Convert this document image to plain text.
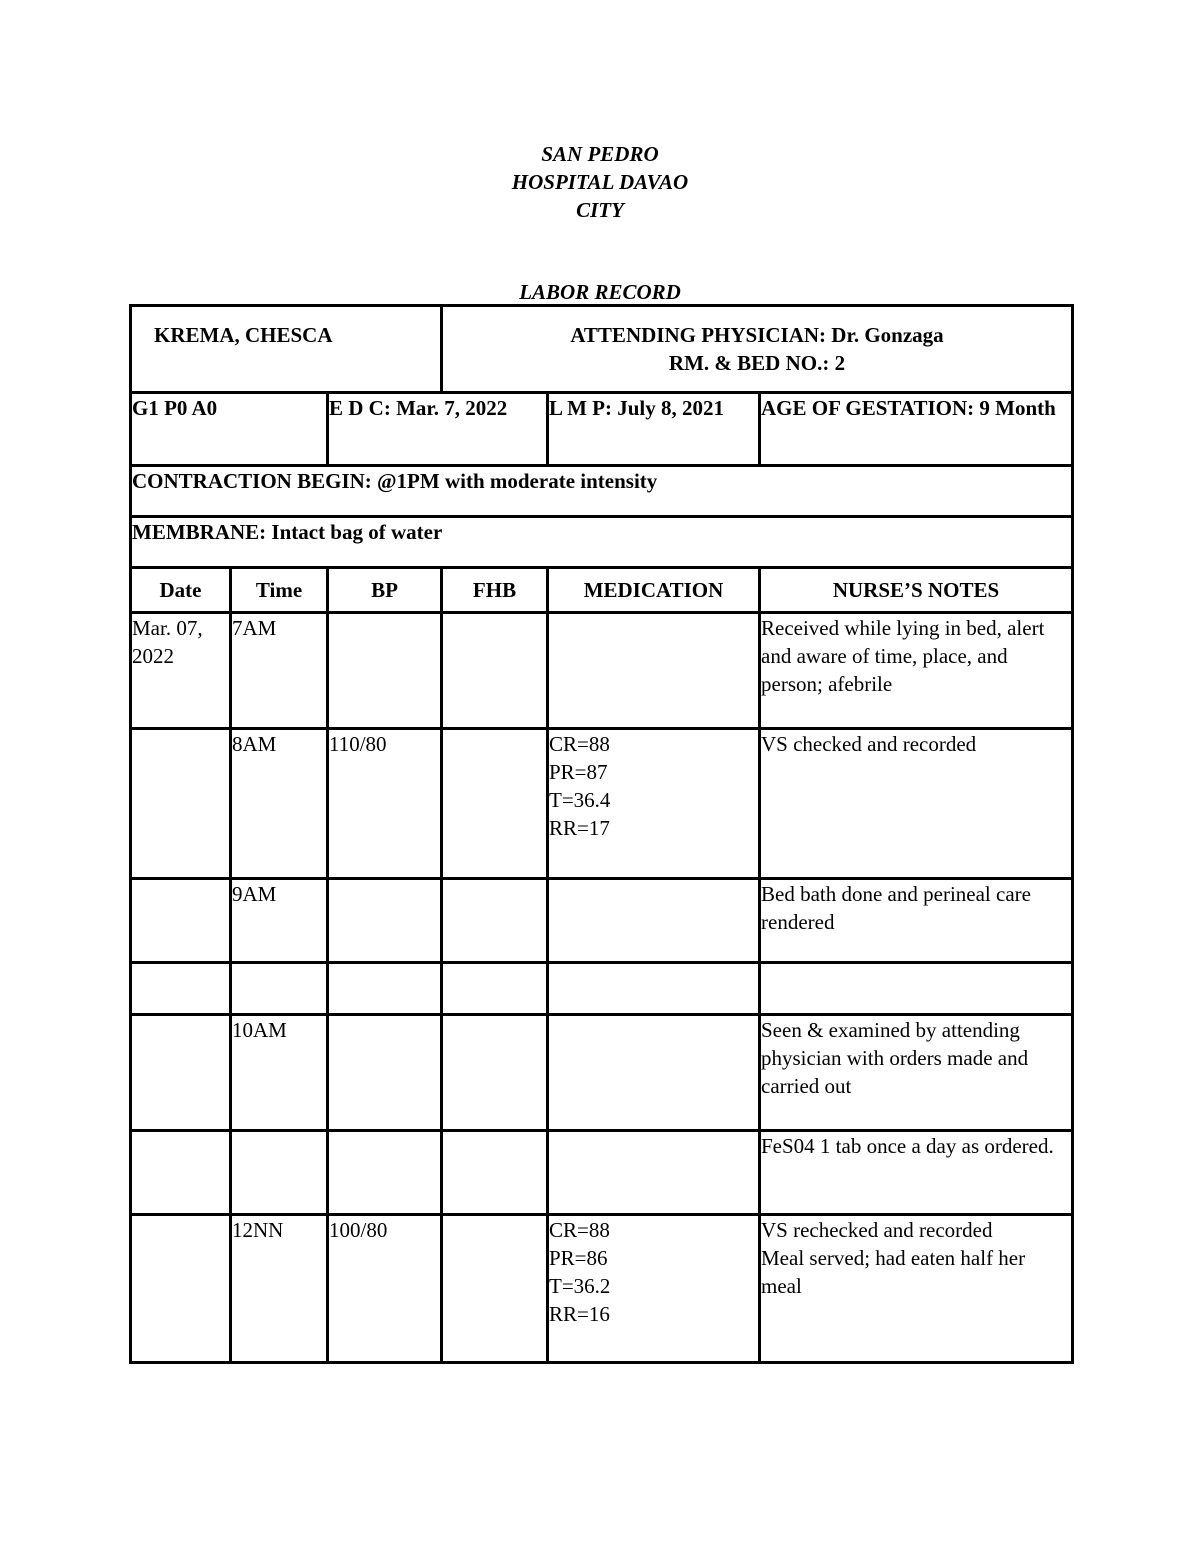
SAN PEDRO
HOSPITAL DAVAO
CITY
LABOR RECORD
KREMA, CHESCA			ATTENDING PHYSICIAN: Dr. Gonzaga
RM. & BED NO.: 2		

G1 P0 A0		E D C: Mar. 7, 2022		L M P: July 8, 2021	AGE OF GESTATION: 9 Month
CONTRACTION BEGIN: @1PM with moderate intensity					
MEMBRANE: Intact bag of water					
Date	Time	BP	FHB	MEDICATION	NURSE’S NOTES
Mar. 07,
2022	7AM				Received while lying in bed, alert and aware of time, place, and person; afebrile
	8AM	110/80		CR=88
PR=87
T=36.4
RR=17	VS checked and recorded
	9AM				Bed bath done and perineal care rendered

	10AM				Seen & examined by attending physician with orders made and carried out
					FeS04 1 tab once a day as ordered.
	12NN	100/80		CR=88
PR=86
T=36.2
RR=16	VS rechecked and recorded
Meal served; had eaten half her meal
